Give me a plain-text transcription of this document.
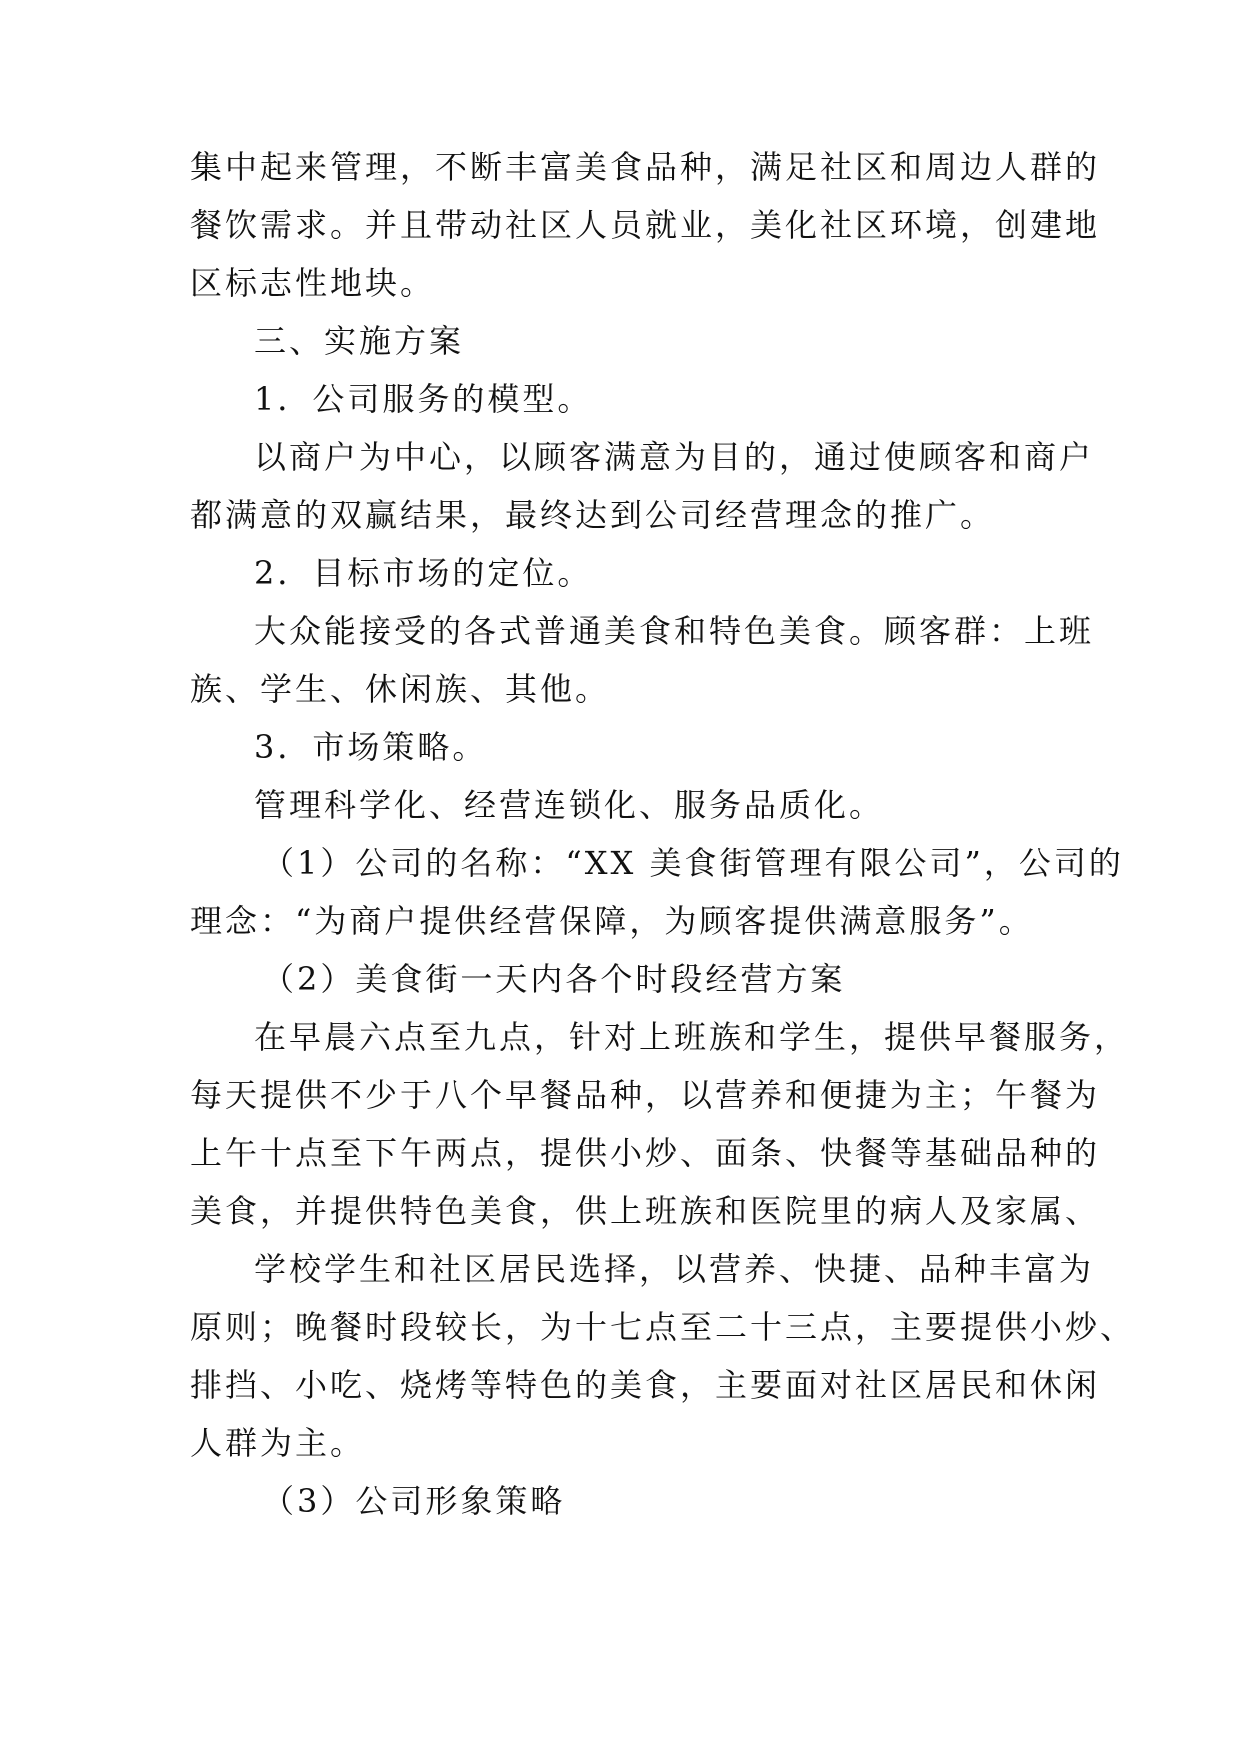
集中起来管理，不断丰富美食品种，满足社区和周边人群的
餐饮需求。并且带动社区人员就业，美化社区环境，创建地
区标志性地块。
三、实施方案
1．公司服务的模型。
以商户为中心，以顾客满意为目的，通过使顾客和商户
都满意的双赢结果，最终达到公司经营理念的推广。
2．目标市场的定位。
大众能接受的各式普通美食和特色美食。顾客群：上班
族、学生、休闲族、其他。
3．市场策略。
管理科学化、经营连锁化、服务品质化。
（1）公司的名称：“XX 美食街管理有限公司”，公司的
理念：“为商户提供经营保障，为顾客提供满意服务”。
（2）美食街一天内各个时段经营方案
在早晨六点至九点，针对上班族和学生，提供早餐服务，
每天提供不少于八个早餐品种，以营养和便捷为主；午餐为
上午十点至下午两点，提供小炒、面条、快餐等基础品种的
美食，并提供特色美食，供上班族和医院里的病人及家属、
学校学生和社区居民选择，以营养、快捷、品种丰富为
原则；晚餐时段较长，为十七点至二十三点，主要提供小炒、
排挡、小吃、烧烤等特色的美食，主要面对社区居民和休闲
人群为主。
（3）公司形象策略
